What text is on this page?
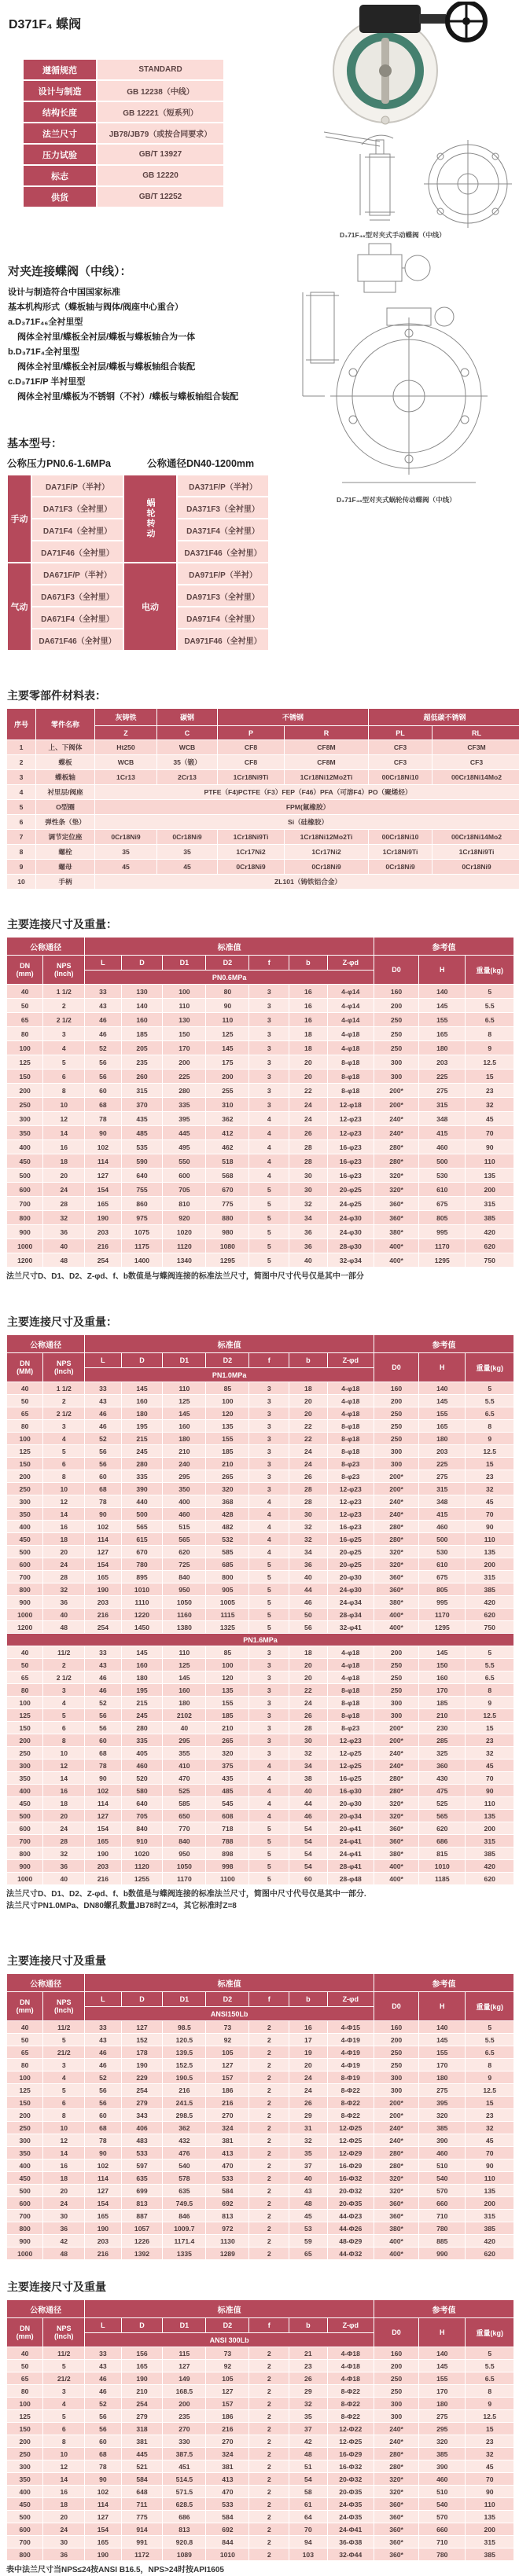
D371F₄ 蝶阀
遵循规范	STANDARD
设计与制造	GB 12238（中线）
结构长度	GB 12221（短系列）
法兰尺寸	JB78/JB79（或按合同要求）
压力试验	GB/T 13927
标志	GB 12220
供货	GB/T 12252
D₃71F₄₆型对夹式手动蝶阀（中线）
D₃71F₄₆型对夹式蜗轮传动蝶阀（中线）

对夹连接蝶阀（中线）：

设计与制造符合中国国家标准

基本机构形式（蝶板轴与阀体/阀座中心重合）

a.D₃71F₄₆全衬里型

阀体全衬里/蝶板全衬层/蝶板与蝶板轴合为一体

b.D₃71F₄全衬里型

阀体全衬里/蝶板全衬层/蝶板与蝶板轴组合装配

c.D₃71F/P 半衬里型

阀体全衬里/蝶板为不锈钢（不衬）/蝶板与蝶板轴组合装配

基本型号：
公称压力PN0.6-1.6MPa	公称通径DN40-1200mm
手动	DA71F/P（半衬）	蜗轮转动	DA371F/P（半衬）
	DA71F3（全衬里）		DA371F3（全衬里）
	DA71F4（全衬里）		DA371F4（全衬里）
	DA71F46（全衬里）		DA371F46（全衬里）
气动	DA671F/P（半衬）	电动	DA971F/P（半衬）
	DA671F3（全衬里）		DA971F3（全衬里）
	DA671F4（全衬里）		DA971F4（全衬里）
	DA671F46（全衬里）		DA971F46（全衬里）
主要零部件材料表：
序号	零件名称	灰铸铁	碳钢	不锈钢		超低碳不锈钢	
		Z	C	P	R	PL	RL
1	上、下阀体	Ht250	WCB	CF8	CF8M	CF3	CF3M
2	蝶板	WCB	35（锻）	CF8	CF8M	CF3	CF3
3	蝶板轴	1Cr13	2Cr13	1Cr18Ni9Ti	1Cr18Ni12Mo2Ti	00Cr18Ni10	00Cr18Ni14Mo2
4	衬里层/阀座	PTFE（F4)PCTFE（F3）FEP（F46）PFA（可溶F4）PO（聚烯烃）					
5	O型圈	FPM(氟橡胶）					
6	弹性条（垫）	Si（硅橡胶）					
7	调节定位座	0Cr18Ni9	0Cr18Ni9	1Cr18Ni9Ti	1Cr18Ni12Mo2Ti	00Cr18Ni10	00Cr18Ni14Mo2
8	螺栓	35	35	1Cr17Ni2	1Cr17Ni2	1Cr18Ni9Ti	1Cr18Ni9Ti
9	螺母	45	45	0Cr18Ni9	0Cr18Ni9	0Cr18Ni9	0Cr18Ni9
10	手柄	ZL101（铸铁铝合金）					
主要连接尺寸及重量：
公称通径		标准值							参考值		
DN
(mm)	NPS
(Inch)	L	D	D1	D2	f	b	Z-φd	D0	H	重量(kg)
		PN0.6MPa									
40	1 1/2	33	130	100	80	3	16	4-φ14	160	140	5
50	2	43	140	110	90	3	16	4-φ14	200	145	5.5
65	2 1/2	46	160	130	110	3	16	4-φ14	250	155	6.5
80	3	46	185	150	125	3	18	4-φ18	250	165	8
100	4	52	205	170	145	3	18	4-φ18	250	180	9
125	5	56	235	200	175	3	20	8-φ18	300	203	12.5
150	6	56	260	225	200	3	20	8-φ18	300	225	15
200	8	60	315	280	255	3	22	8-φ18	200*	275	23
250	10	68	370	335	310	3	24	12-φ18	200*	315	32
300	12	78	435	395	362	4	24	12-φ23	240*	348	45
350	14	90	485	445	412	4	26	12-φ23	240*	415	70
400	16	102	535	495	462	4	28	16-φ23	280*	460	90
450	18	114	590	550	518	4	28	16-φ23	280*	500	110
500	20	127	640	600	568	4	30	16-φ23	320*	530	135
600	24	154	755	705	670	5	30	20-φ25	320*	610	200
700	28	165	860	810	775	5	32	24-φ25	360*	675	315
800	32	190	975	920	880	5	34	24-φ30	360*	805	385
900	36	203	1075	1020	980	5	36	24-φ30	380*	995	420
1000	40	216	1175	1120	1080	5	36	28-φ30	400*	1170	620
1200	48	254	1400	1340	1295	5	40	32-φ34	400*	1295	750

法兰尺寸D、D1、D2、Z-φd、f、b数值是与蝶阀连接的标准法兰尺寸，简图中尺寸代号仅是其中一部分

主要连接尺寸及重量：
公称通径		标准值							参考值		
DN
(MM)	NPS
(Inch)	L	D	D1	D2	f	b	Z-φd	D0	H	重量(kg)
		PN1.0MPa									
40	1 1/2	33	145	110	85	3	18	4-φ18	160	140	5
50	2	43	160	125	100	3	20	4-φ18	200	145	5.5
65	2 1/2	46	180	145	120	3	20	4-φ18	250	155	6.5
80	3	46	195	160	135	3	22	8-φ18	250	165	8
100	4	52	215	180	155	3	22	8-φ18	250	180	9
125	5	56	245	210	185	3	24	8-φ18	300	203	12.5
150	6	56	280	240	210	3	24	8-φ23	300	225	15
200	8	60	335	295	265	3	26	8-φ23	200*	275	23
250	10	68	390	350	320	3	28	12-φ23	200*	315	32
300	12	78	440	400	368	4	28	12-φ23	240*	348	45
350	14	90	500	460	428	4	30	12-φ23	240*	415	70
400	16	102	565	515	482	4	32	16-φ23	280*	460	90
450	18	114	615	565	532	4	32	16-φ25	280*	500	110
500	20	127	670	620	585	4	34	20-φ25	320*	530	135
600	24	154	780	725	685	5	36	20-φ25	320*	610	200
700	28	165	895	840	800	5	40	20-φ30	360*	675	315
800	32	190	1010	950	905	5	44	24-φ30	360*	805	385
900	36	203	1110	1050	1005	5	46	24-φ34	380*	995	420
1000	40	216	1220	1160	1115	5	50	28-φ34	400*	1170	620
1200	48	254	1450	1380	1325	5	56	32-φ41	400*	1295	750
PN1.6MPa											
40	11/2	33	145	110	85	3	18	4-φ18	200	145	5
50	2	43	160	125	100	3	20	4-φ18	250	150	5.5
65	2 1/2	46	180	145	120	3	20	4-φ18	250	160	6.5
80	3	46	195	160	135	3	22	8-φ18	250	170	8
100	4	52	215	180	155	3	24	8-φ18	300	185	9
125	5	56	245	2102	185	3	26	8-φ18	300	210	12.5
150	6	56	280	40	210	3	28	8-φ23	200*	230	15
200	8	60	335	295	265	3	30	12-φ23	200*	285	23
250	10	68	405	355	320	3	32	12-φ25	240*	325	32
300	12	78	460	410	375	4	34	12-φ25	240*	360	45
350	14	90	520	470	435	4	38	16-φ25	280*	430	70
400	16	102	580	525	485	4	40	16-φ30	280*	475	90
450	18	114	640	585	545	4	44	20-φ30	320*	525	110
500	20	127	705	650	608	4	46	20-φ34	320*	565	135
600	24	154	840	770	718	5	54	20-φ41	360*	620	200
700	28	165	910	840	788	5	54	24-φ41	360*	686	315
800	32	190	1020	950	898	5	54	24-φ41	380*	815	385
900	36	203	1120	1050	998	5	54	28-φ41	400*	1010	420
1000	40	216	1255	1170	1100	5	60	28-φ48	400*	1185	620

法兰尺寸D、D1、D2、Z-φd、f、b数值是与蝶阀连接的标准法兰尺寸，简图中尺寸代号仅是其中一部分.

法兰尺寸PN1.0MPa、DN80螺孔数量JB78时Z=4，其它标准时Z=8

主要连接尺寸及重量
公称通径		标准值							参考值		
DN
(mm)	NPS
(Inch)	L	D	D1	D2	f	b	Z-φd	D0	H	重量(kg)
		ANSI150Lb									
40	11/2	33	127	98.5	73	2	16	4-Φ15	160	140	5
50	5	43	152	120.5	92	2	17	4-Φ19	200	145	5.5
65	21/2	46	178	139.5	105	2	19	4-Φ19	250	155	6.5
80	3	46	190	152.5	127	2	20	4-Φ19	250	170	8
100	4	52	229	190.5	157	2	24	8-Φ19	300	180	9
125	5	56	254	216	186	2	24	8-Φ22	300	275	12.5
150	6	56	279	241.5	216	2	26	8-Φ22	200*	395	15
200	8	60	343	298.5	270	2	29	8-Φ22	200*	320	23
250	10	68	406	362	324	2	31	12-Φ25	240*	385	32
300	12	78	483	432	381	2	32	12-Φ25	240*	390	45
350	14	90	533	476	413	2	35	12-Φ29	280*	460	70
400	16	102	597	540	470	2	37	16-Φ29	280*	510	90
450	18	114	635	578	533	2	40	16-Φ32	320*	540	110
500	20	127	699	635	584	2	43	20-Φ32	320*	570	135
600	24	154	813	749.5	692	2	48	20-Φ35	360*	660	200
700	30	165	887	846	813	2	45	44-Φ23	360*	710	315
800	36	190	1057	1009.7	972	2	53	44-Φ26	380*	780	385
900	42	203	1226	1171.4	1130	2	59	48-Φ29	400*	885	420
1000	48	216	1392	1335	1289	2	65	44-Φ32	400*	990	620
主要连接尺寸及重量
公称通径		标准值							参考值		
DN
(mm)	NPS
(Inch)	L	D	D1	D2	f	b	Z-φd	D0	H	重量(kg)
		ANSI 300Lb									
40	11/2	33	156	115	73	2	21	4-Φ18	160	140	5
50	5	43	165	127	92	2	23	4-Φ18	200	145	5.5
65	21/2	46	190	149	105	2	26	4-Φ18	250	155	6.5
80	3	46	210	168.5	127	2	29	8-Φ22	250	170	8
100	4	52	254	200	157	2	32	8-Φ22	300	180	9
125	5	56	279	235	186	2	35	8-Φ22	300	275	12.5
150	6	56	318	270	216	2	37	12-Φ22	240*	295	15
200	8	60	381	330	270	2	42	12-Φ25	240*	320	23
250	10	68	445	387.5	324	2	48	16-Φ29	280*	385	32
300	12	78	521	451	381	2	51	16-Φ32	280*	390	45
350	14	90	584	514.5	413	2	54	20-Φ32	320*	460	70
400	16	102	648	571.5	470	2	58	20-Φ35	320*	510	90
450	18	114	711	628.5	533	2	61	24-Φ35	360*	540	110
500	20	127	775	686	584	2	64	24-Φ35	360*	570	135
600	24	154	914	813	692	2	70	24-Φ41	360*	660	200
700	30	165	991	920.8	844	2	94	36-Φ38	360*	710	315
800	36	190	1172	1089	1010	2	103	32-Φ44	360*	780	385

表中法兰尺寸当NPS≤24按ANSI B16.5，NPS>24时按API1605
